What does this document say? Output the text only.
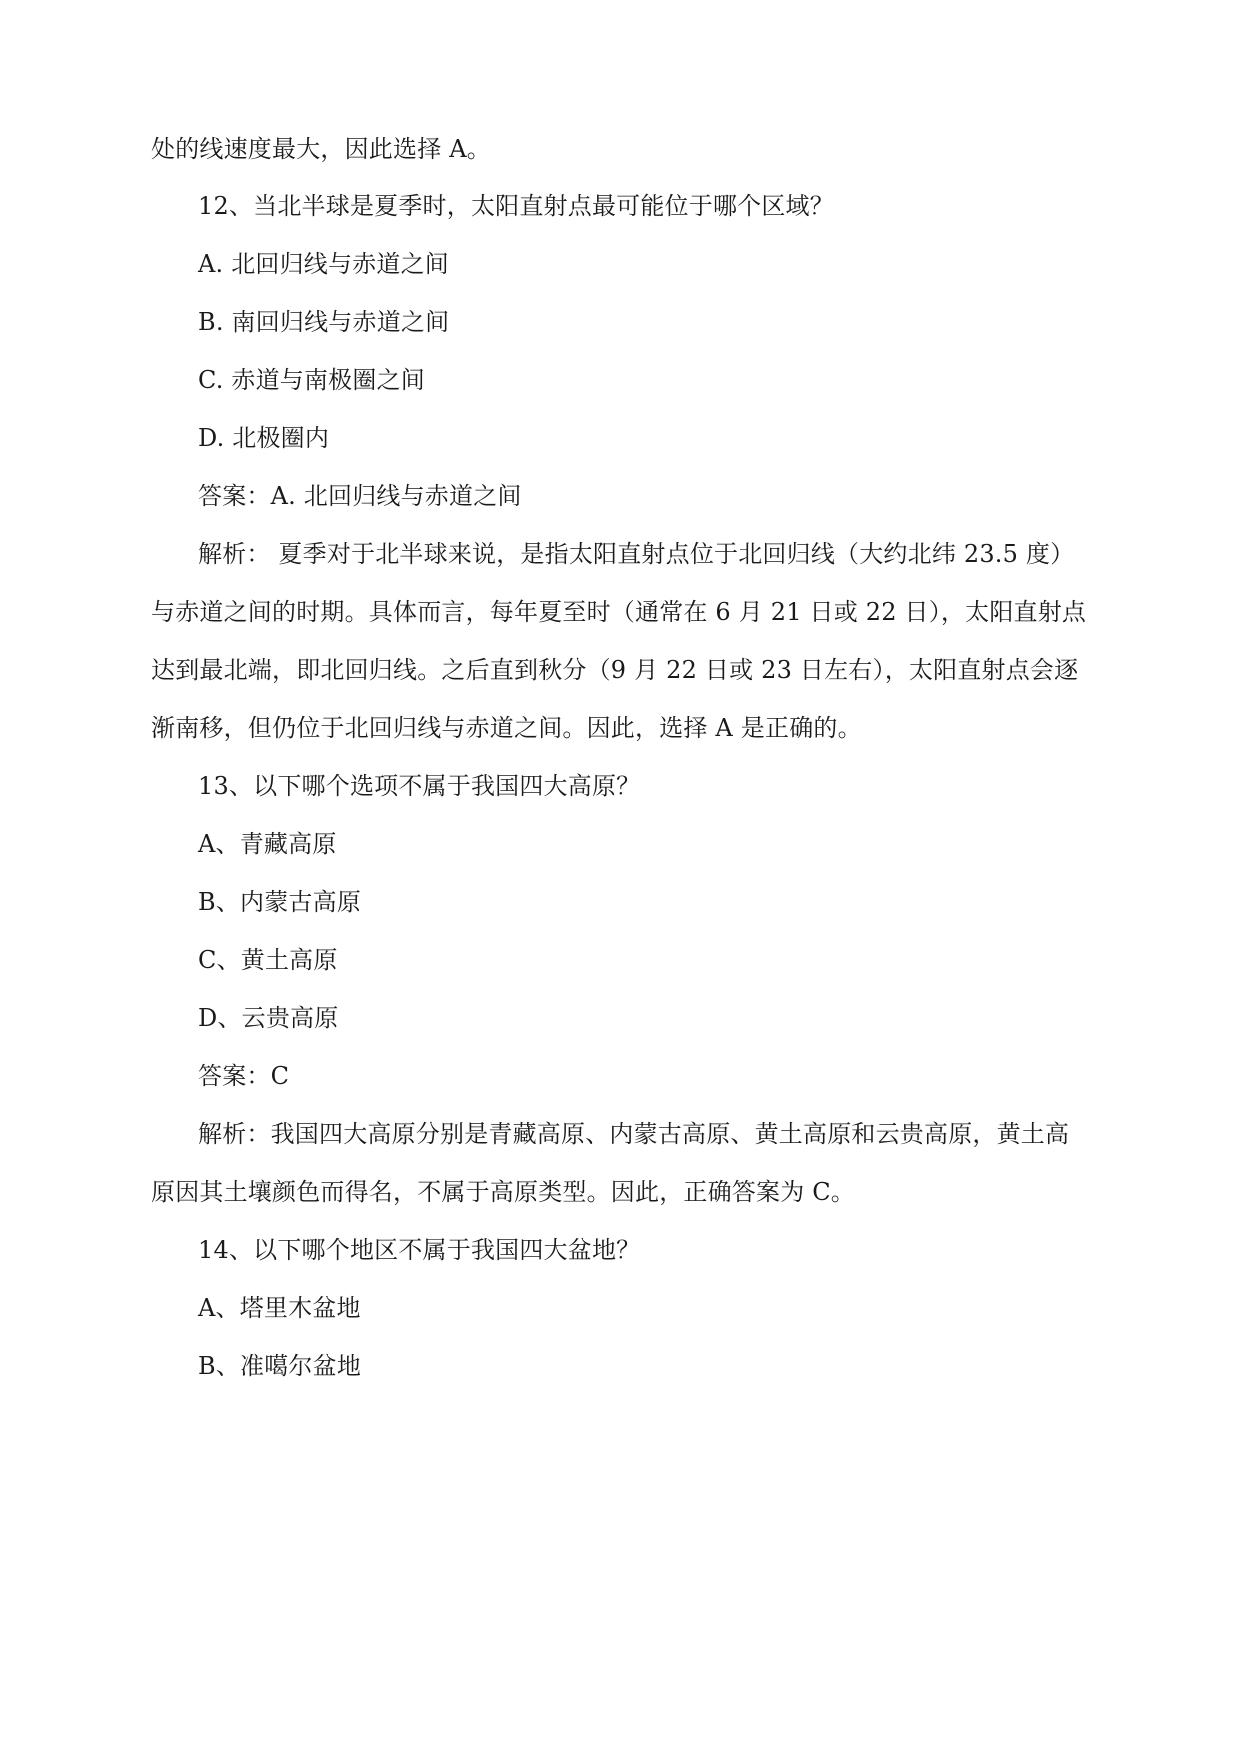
处的线速度最大，因此选择 A。
12、当北半球是夏季时，太阳直射点最可能位于哪个区域？
A. 北回归线与赤道之间
B. 南回归线与赤道之间
C. 赤道与南极圈之间
D. 北极圈内
答案：A. 北回归线与赤道之间
解析： 夏季对于北半球来说，是指太阳直射点位于北回归线（大约北纬 23.5 度）
与赤道之间的时期。具体而言，每年夏至时（通常在 6 月 21 日或 22 日），太阳直射点
达到最北端，即北回归线。之后直到秋分（9 月 22 日或 23 日左右），太阳直射点会逐
渐南移，但仍位于北回归线与赤道之间。因此，选择 A 是正确的。
13、以下哪个选项不属于我国四大高原？
A、青藏高原
B、内蒙古高原
C、黄土高原
D、云贵高原
答案：C
解析：我国四大高原分别是青藏高原、内蒙古高原、黄土高原和云贵高原，黄土高
原因其土壤颜色而得名，不属于高原类型。因此，正确答案为 C。
14、以下哪个地区不属于我国四大盆地？
A、塔里木盆地
B、准噶尔盆地
